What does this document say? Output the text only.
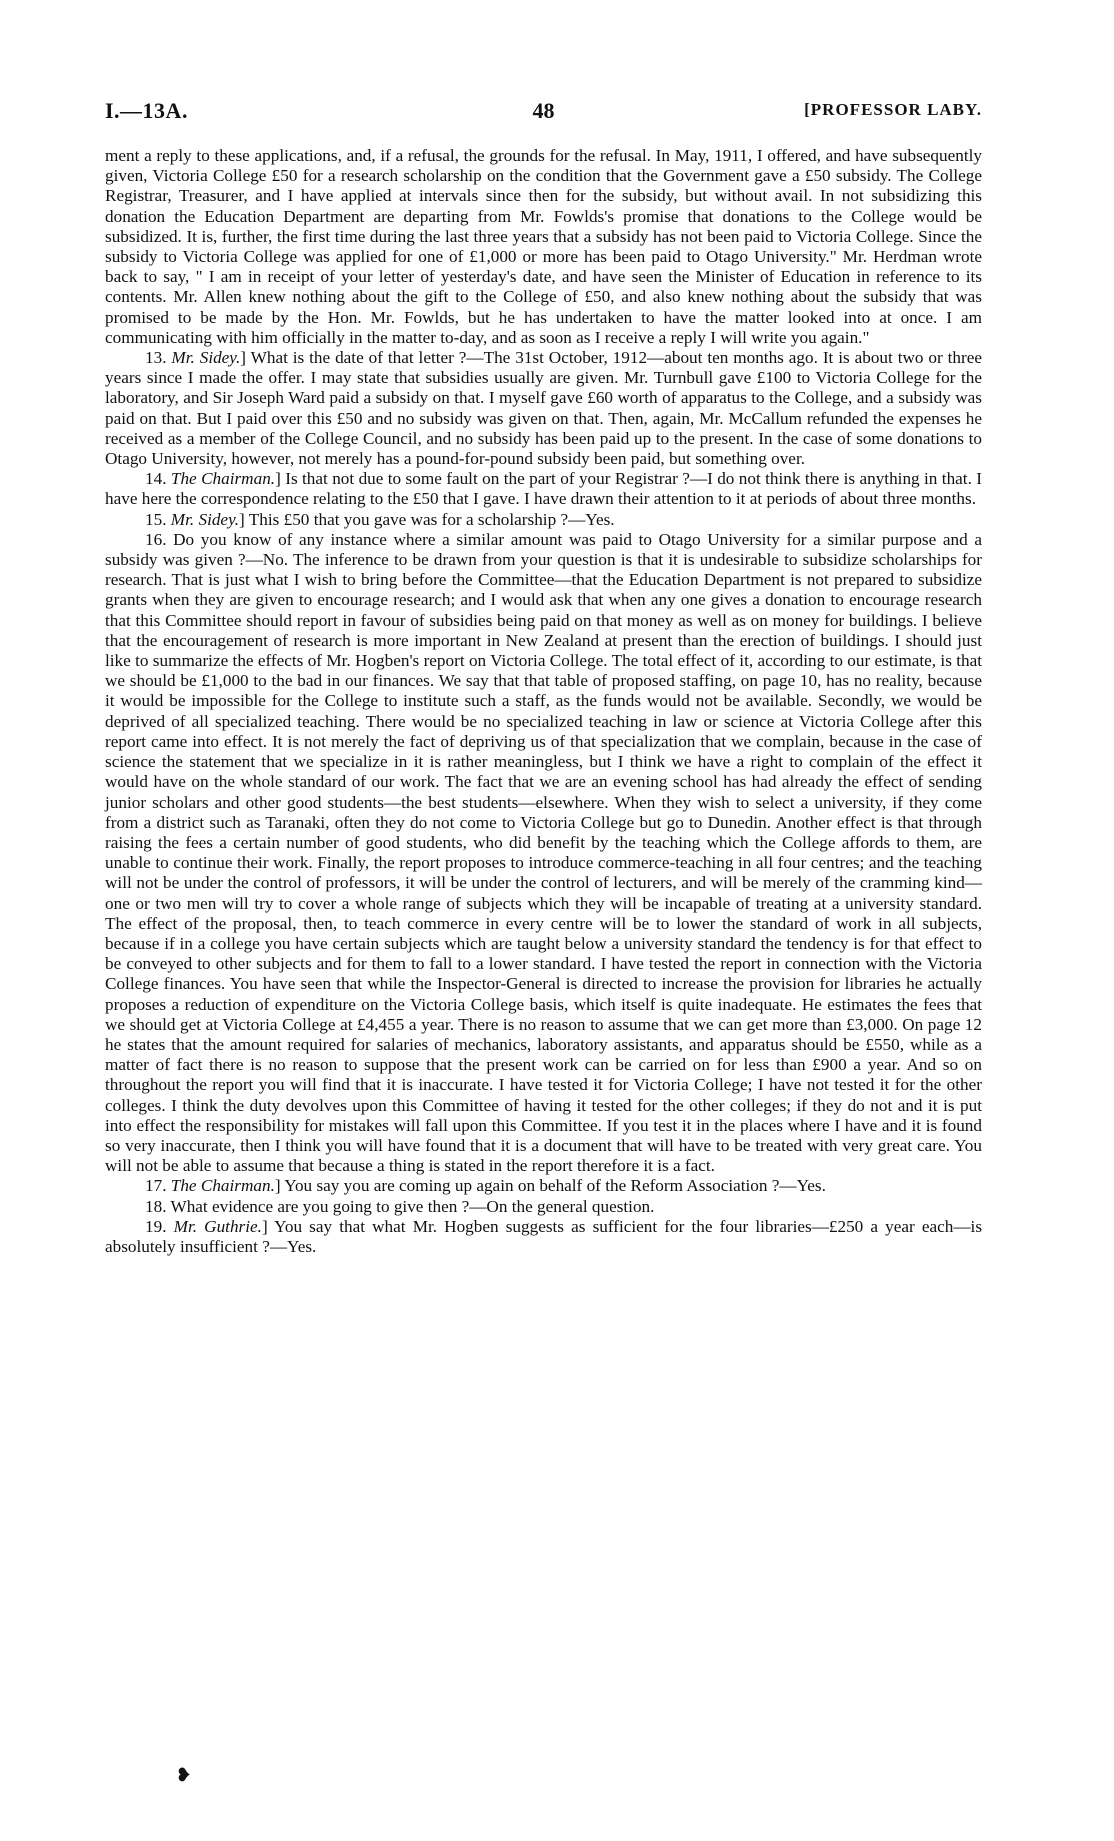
I.—13A.	48	[PROFESSOR LABY.

ment a reply to these applications, and, if a refusal, the grounds for the refusal. In May, 1911, I offered, and have subsequently given, Victoria College £50 for a research scholarship on the condition that the Government gave a £50 subsidy. The College Registrar, Treasurer, and I have applied at intervals since then for the subsidy, but without avail. In not subsidizing this donation the Education Department are departing from Mr. Fowlds's promise that donations to the College would be subsidized. It is, further, the first time during the last three years that a subsidy has not been paid to Victoria College. Since the subsidy to Victoria College was applied for one of £1,000 or more has been paid to Otago University." Mr. Herdman wrote back to say, " I am in receipt of your letter of yesterday's date, and have seen the Minister of Education in reference to its contents. Mr. Allen knew nothing about the gift to the College of £50, and also knew nothing about the subsidy that was promised to be made by the Hon. Mr. Fowlds, but he has undertaken to have the matter looked into at once. I am communicating with him officially in the matter to-day, and as soon as I receive a reply I will write you again."

13. Mr. Sidey.] What is the date of that letter ?—The 31st October, 1912—about ten months ago. It is about two or three years since I made the offer. I may state that subsidies usually are given. Mr. Turnbull gave £100 to Victoria College for the laboratory, and Sir Joseph Ward paid a subsidy on that. I myself gave £60 worth of apparatus to the College, and a subsidy was paid on that. But I paid over this £50 and no subsidy was given on that. Then, again, Mr. McCallum refunded the expenses he received as a member of the College Council, and no subsidy has been paid up to the present. In the case of some donations to Otago University, however, not merely has a pound-for-pound subsidy been paid, but something over.

14. The Chairman.] Is that not due to some fault on the part of your Registrar ?—I do not think there is anything in that. I have here the correspondence relating to the £50 that I gave. I have drawn their attention to it at periods of about three months.

15. Mr. Sidey.] This £50 that you gave was for a scholarship ?—Yes.

16. Do you know of any instance where a similar amount was paid to Otago University for a similar purpose and a subsidy was given ?—No. The inference to be drawn from your question is that it is undesirable to subsidize scholarships for research. That is just what I wish to bring before the Committee—that the Education Department is not prepared to subsidize grants when they are given to encourage research; and I would ask that when any one gives a donation to encourage research that this Committee should report in favour of subsidies being paid on that money as well as on money for buildings. I believe that the encouragement of research is more important in New Zealand at present than the erection of buildings. I should just like to summarize the effects of Mr. Hogben's report on Victoria College. The total effect of it, according to our estimate, is that we should be £1,000 to the bad in our finances. We say that that table of proposed staffing, on page 10, has no reality, because it would be impossible for the College to institute such a staff, as the funds would not be available. Secondly, we would be deprived of all specialized teaching. There would be no specialized teaching in law or science at Victoria College after this report came into effect. It is not merely the fact of depriving us of that specialization that we complain, because in the case of science the statement that we specialize in it is rather meaningless, but I think we have a right to complain of the effect it would have on the whole standard of our work. The fact that we are an evening school has had already the effect of sending junior scholars and other good students—the best students—elsewhere. When they wish to select a university, if they come from a district such as Taranaki, often they do not come to Victoria College but go to Dunedin. Another effect is that through raising the fees a certain number of good students, who did benefit by the teaching which the College affords to them, are unable to continue their work. Finally, the report proposes to introduce commerce-teaching in all four centres; and the teaching will not be under the control of professors, it will be under the control of lecturers, and will be merely of the cramming kind—one or two men will try to cover a whole range of subjects which they will be incapable of treating at a university standard. The effect of the proposal, then, to teach commerce in every centre will be to lower the standard of work in all subjects, because if in a college you have certain subjects which are taught below a university standard the tendency is for that effect to be conveyed to other subjects and for them to fall to a lower standard. I have tested the report in connection with the Victoria College finances. You have seen that while the Inspector-General is directed to increase the provision for libraries he actually proposes a reduction of expenditure on the Victoria College basis, which itself is quite inadequate. He estimates the fees that we should get at Victoria College at £4,455 a year. There is no reason to assume that we can get more than £3,000. On page 12 he states that the amount required for salaries of mechanics, laboratory assistants, and apparatus should be £550, while as a matter of fact there is no reason to suppose that the present work can be carried on for less than £900 a year. And so on throughout the report you will find that it is inaccurate. I have tested it for Victoria College; I have not tested it for the other colleges. I think the duty devolves upon this Committee of having it tested for the other colleges; if they do not and it is put into effect the responsibility for mistakes will fall upon this Committee. If you test it in the places where I have and it is found so very inaccurate, then I think you will have found that it is a document that will have to be treated with very great care. You will not be able to assume that because a thing is stated in the report therefore it is a fact.

17. The Chairman.] You say you are coming up again on behalf of the Reform Association ?—Yes.

18. What evidence are you going to give then ?—On the general question.

19. Mr. Guthrie.] You say that what Mr. Hogben suggests as sufficient for the four libraries—£250 a year each—is absolutely insufficient ?—Yes.

❥
